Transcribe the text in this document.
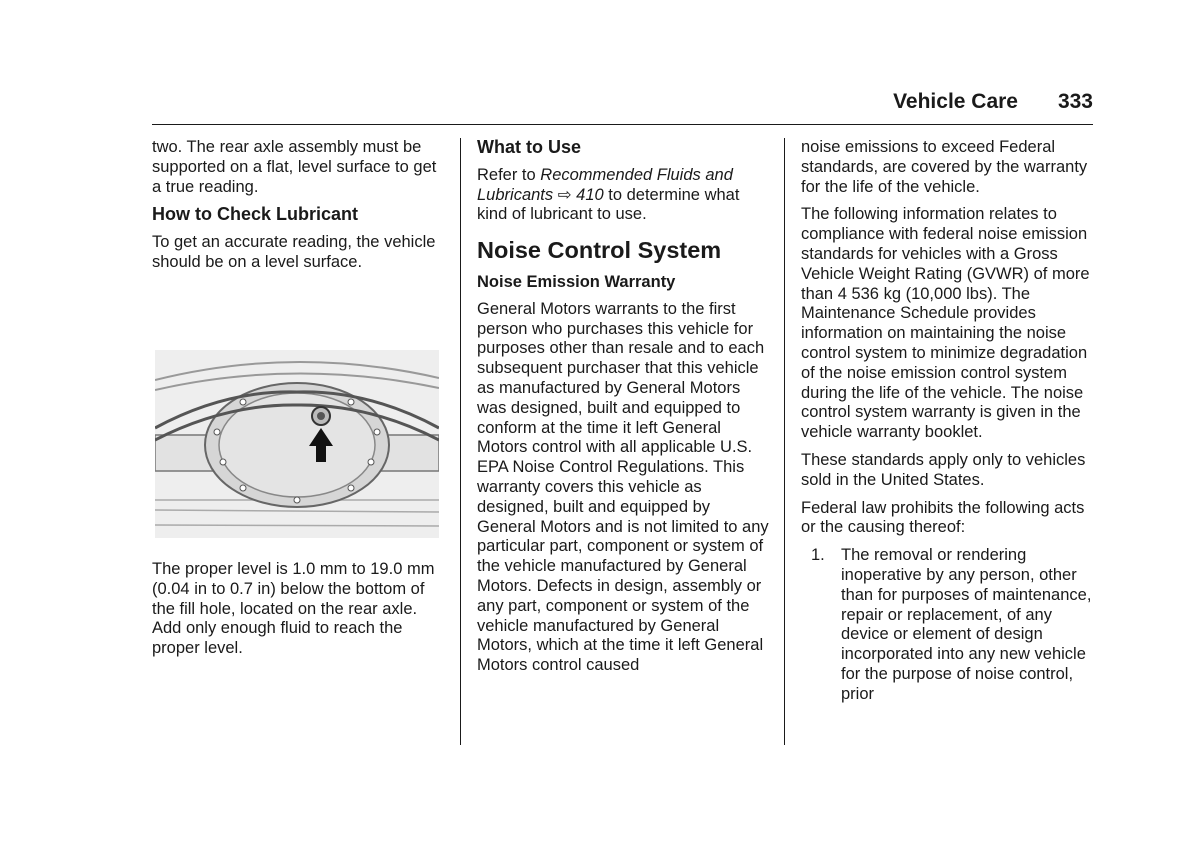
Vehicle Care 333

two. The rear axle assembly must be supported on a flat, level surface to get a true reading.

How to Check Lubricant

To get an accurate reading, the vehicle should be on a level surface.

The proper level is 1.0 mm to 19.0 mm (0.04 in to 0.7 in) below the bottom of the fill hole, located on the rear axle. Add only enough fluid to reach the proper level.

What to Use

Refer to Recommended Fluids and Lubricants ⇨ 410 to determine what kind of lubricant to use.

Noise Control System
Noise Emission Warranty

General Motors warrants to the first person who purchases this vehicle for purposes other than resale and to each subsequent purchaser that this vehicle as manufactured by General Motors was designed, built and equipped to conform at the time it left General Motors control with all applicable U.S. EPA Noise Control Regulations. This warranty covers this vehicle as designed, built and equipped by General Motors and is not limited to any particular part, component or system of the vehicle manufactured by General Motors. Defects in design, assembly or any part, component or system of the vehicle manufactured by General Motors, which at the time it left General Motors control caused

noise emissions to exceed Federal standards, are covered by the warranty for the life of the vehicle.

The following information relates to compliance with federal noise emission standards for vehicles with a Gross Vehicle Weight Rating (GVWR) of more than 4 536 kg (10,000 lbs). The Maintenance Schedule provides information on maintaining the noise control system to minimize degradation of the noise emission control system during the life of the vehicle. The noise control system warranty is given in the vehicle warranty booklet.

These standards apply only to vehicles sold in the United States.

Federal law prohibits the following acts or the causing thereof:

1. The removal or rendering inoperative by any person, other than for purposes of maintenance, repair or replacement, of any device or element of design incorporated into any new vehicle for the purpose of noise control, prior
